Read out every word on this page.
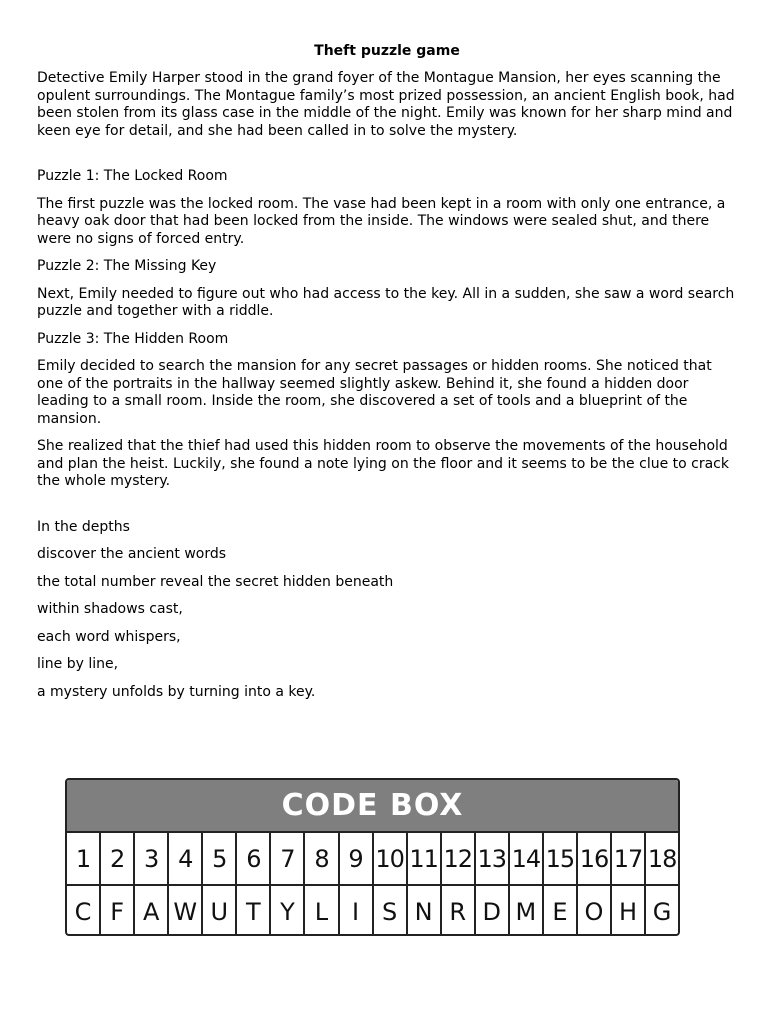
Theft puzzle game

Detective Emily Harper stood in the grand foyer of the Montague Mansion, her eyes scanning the opulent surroundings. The Montague family’s most prized possession, an ancient English book, had been stolen from its glass case in the middle of the night. Emily was known for her sharp mind and keen eye for detail, and she had been called in to solve the mystery.

Puzzle 1: The Locked Room

The first puzzle was the locked room. The vase had been kept in a room with only one entrance, a heavy oak door that had been locked from the inside. The windows were sealed shut, and there were no signs of forced entry.

Puzzle 2: The Missing Key

Next, Emily needed to figure out who had access to the key. All in a sudden, she saw a word search puzzle and together with a riddle.

Puzzle 3: The Hidden Room

Emily decided to search the mansion for any secret passages or hidden rooms. She noticed that one of the portraits in the hallway seemed slightly askew. Behind it, she found a hidden door leading to a small room. Inside the room, she discovered a set of tools and a blueprint of the mansion.

She realized that the thief had used this hidden room to observe the movements of the household and plan the heist. Luckily, she found a note lying on the floor and it seems to be the clue to crack the whole mystery.

In the depths

discover the ancient words

the total number reveal the secret hidden beneath

within shadows cast,

each word whispers,

line by line,

a mystery unfolds by turning into a key.

CODE BOX
1 2 3 4 5 6 7 8 9 10 11 12 13 14 15 16 17 18
C F A W U T Y L I S N R D M E O H G
